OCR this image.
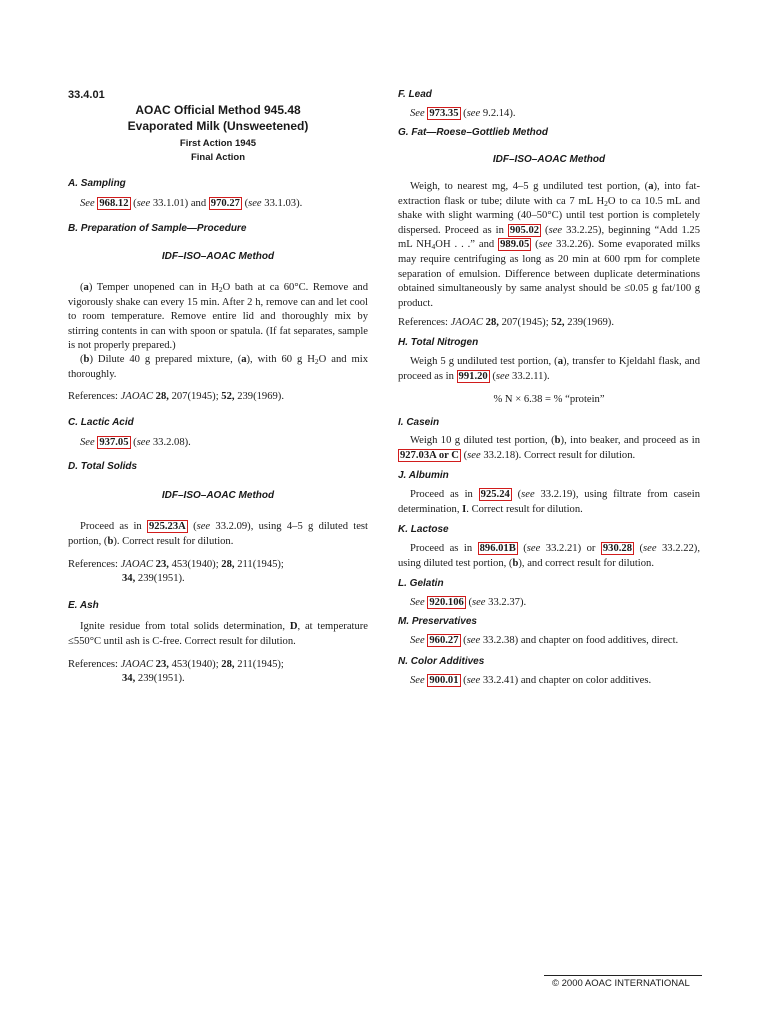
33.4.01
AOAC Official Method 945.48
Evaporated Milk (Unsweetened)
First Action 1945
Final Action
A. Sampling
See 968.12 (see 33.1.01) and 970.27 (see 33.1.03).
B. Preparation of Sample—Procedure
IDF–ISO–AOAC Method
(a) Temper unopened can in $H_2O$ bath at ca 60°C. Remove and vigorously shake can every 15 min. After 2 h, remove can and let cool to room temperature. Remove entire lid and thoroughly mix by stirring contents in can with spoon or spatula. (If fat separates, sample is not properly prepared.)
(b) Dilute 40 g prepared mixture, (a), with 60 g $H_2O$ and mix thoroughly.
References: JAOAC 28, 207(1945); 52, 239(1969).
C. Lactic Acid
See 937.05 (see 33.2.08).
D. Total Solids
IDF–ISO–AOAC Method
Proceed as in 925.23A (see 33.2.09), using 4–5 g diluted test portion, (b). Correct result for dilution.
References: JAOAC 23, 453(1940); 28, 211(1945);
34, 239(1951).
E. Ash
Ignite residue from total solids determination, D, at temperature ≤550°C until ash is C-free. Correct result for dilution.
References: JAOAC 23, 453(1940); 28, 211(1945);
34, 239(1951).
F. Lead
See 973.35 (see 9.2.14).
G. Fat—Roese–Gottlieb Method
IDF–ISO–AOAC Method
Weigh, to nearest mg, 4–5 g undiluted test portion, (a), into fat-extraction flask or tube; dilute with ca 7 mL $H_2O$ to ca 10.5 mL and shake with slight warming (40–50°C) until test portion is completely dispersed. Proceed as in 905.02 (see 33.2.25), beginning “Add 1.25 mL $NH_4OH$ . . .” and 989.05 (see 33.2.26). Some evaporated milks may require centrifuging as long as 20 min at 600 rpm for complete separation of emulsion. Difference between duplicate determinations obtained simultaneously by same analyst should be ≤0.05 g fat/100 g product.
References: JAOAC 28, 207(1945); 52, 239(1969).
H. Total Nitrogen
Weigh 5 g undiluted test portion, (a), transfer to Kjeldahl flask, and proceed as in 991.20 (see 33.2.11).
% N × 6.38 = % “protein”
I. Casein
Weigh 10 g diluted test portion, (b), into beaker, and proceed as in 927.03A or C (see 33.2.18). Correct result for dilution.
J. Albumin
Proceed as in 925.24 (see 33.2.19), using filtrate from casein determination, I. Correct result for dilution.
K. Lactose
Proceed as in 896.01B (see 33.2.21) or 930.28 (see 33.2.22), using diluted test portion, (b), and correct result for dilution.
L. Gelatin
See 920.106 (see 33.2.37).
M. Preservatives
See 960.27 (see 33.2.38) and chapter on food additives, direct.
N. Color Additives
See 900.01 (see 33.2.41) and chapter on color additives.
© 2000 AOAC INTERNATIONAL
